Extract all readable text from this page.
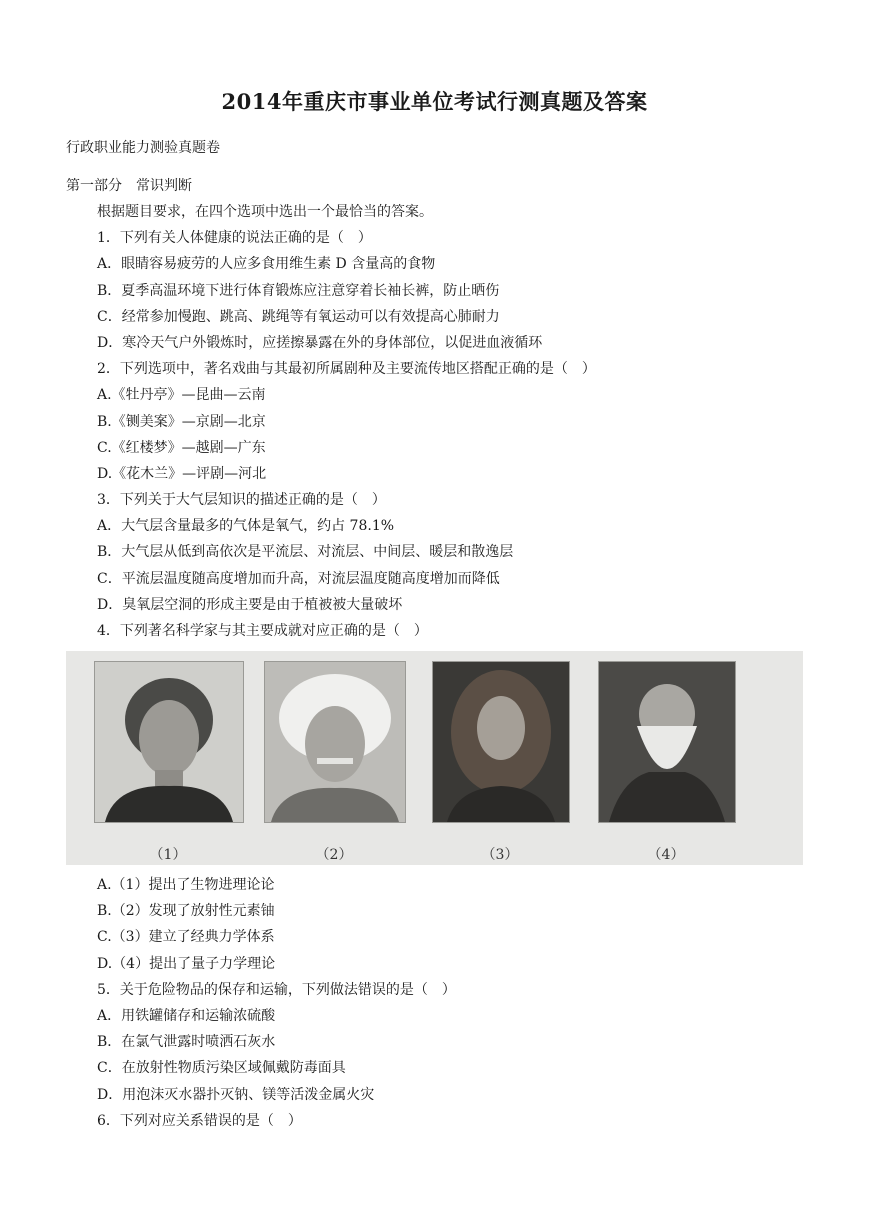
2014年重庆市事业单位考试行测真题及答案

行政职业能力测验真题卷

第一部分 常识判断

根据题目要求，在四个选项中选出一个最恰当的答案。
1．下列有关人体健康的说法正确的是（　）
A．眼睛容易疲劳的人应多食用维生素 D 含量高的食物
B．夏季高温环境下进行体育锻炼应注意穿着长袖长裤，防止晒伤
C．经常参加慢跑、跳高、跳绳等有氧运动可以有效提高心肺耐力
D．寒冷天气户外锻炼时，应搓擦暴露在外的身体部位，以促进血液循环
2．下列选项中，著名戏曲与其最初所属剧种及主要流传地区搭配正确的是（　）
A.《牡丹亭》—昆曲—云南
B.《铡美案》—京剧—北京
C.《红楼梦》—越剧—广东
D.《花木兰》—评剧—河北
3．下列关于大气层知识的描述正确的是（　）
A．大气层含量最多的气体是氧气，约占 78.1%
B．大气层从低到高依次是平流层、对流层、中间层、暖层和散逸层
C．平流层温度随高度增加而升高，对流层温度随高度增加而降低
D．臭氧层空洞的形成主要是由于植被被大量破坏
4．下列著名科学家与其主要成就对应正确的是（　）
（1）	（2）	（3）	（4）
A.（1）提出了生物进理论论
B.（2）发现了放射性元素铀
C.（3）建立了经典力学体系
D.（4）提出了量子力学理论
5．关于危险物品的保存和运输，下列做法错误的是（　）
A．用铁罐储存和运输浓硫酸
B．在氯气泄露时喷洒石灰水
C．在放射性物质污染区域佩戴防毒面具
D．用泡沫灭水器扑灭钠、镁等活泼金属火灾
6．下列对应关系错误的是（　）
